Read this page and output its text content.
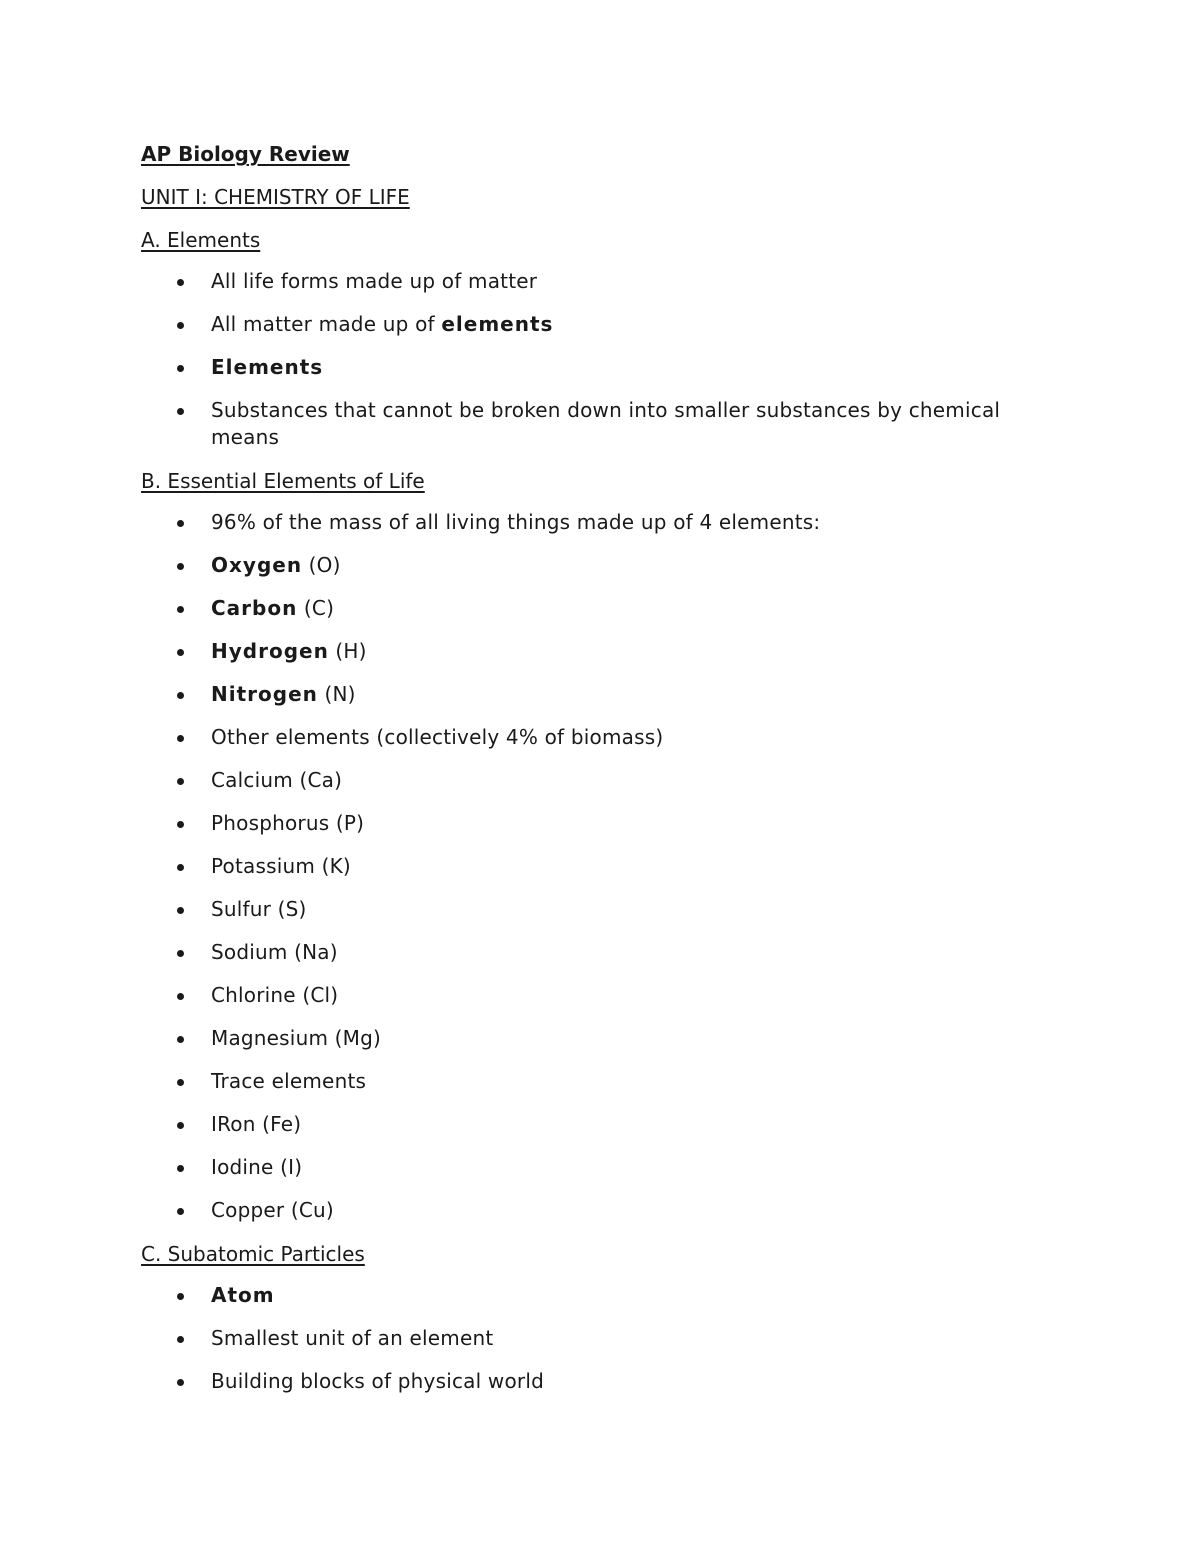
AP Biology Review
UNIT I: CHEMISTRY OF LIFE
A. Elements
All life forms made up of matter
All matter made up of elements
Elements
Substances that cannot be broken down into smaller substances by chemical means
B. Essential Elements of Life
96% of the mass of all living things made up of 4 elements:
Oxygen (O)
Carbon (C)
Hydrogen (H)
Nitrogen (N)
Other elements (collectively 4% of biomass)
Calcium (Ca)
Phosphorus (P)
Potassium (K)
Sulfur (S)
Sodium (Na)
Chlorine (Cl)
Magnesium (Mg)
Trace elements
IRon (Fe)
Iodine (I)
Copper (Cu)
C. Subatomic Particles
Atom
Smallest unit of an element
Building blocks of physical world
